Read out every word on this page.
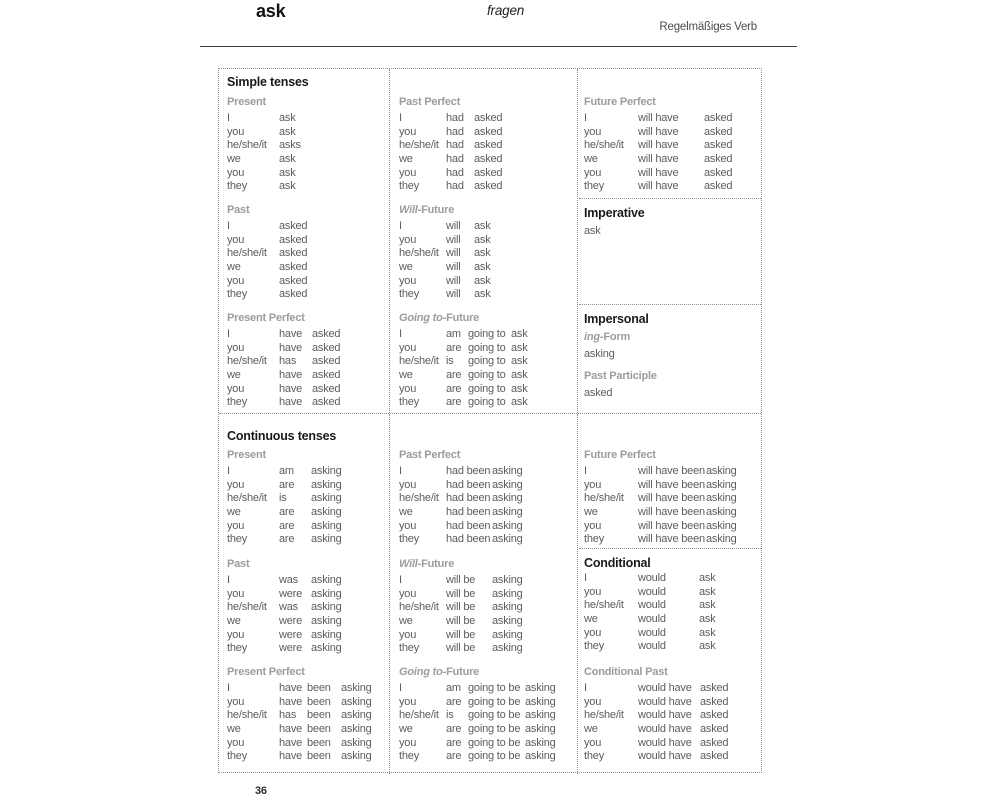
ask	fragen
Regelmäßiges Verb
Simple tenses
Present
I	ask
you	ask
he/she/it asks
we	ask
you	ask
they	ask
Past
I	asked
you	asked
he/she/it asked
we	asked
you	asked
they	asked
Present Perfect
I	have asked
you	have asked
he/she/it has asked
we	have asked
you	have asked
they	have asked
Past Perfect
I	had asked
you	had asked
he/she/it had asked
we	had asked
you	had asked
they had asked
Will-Future
I	will ask
you	will ask
he/she/it will ask
we	will ask
you	will ask
they will ask
Going to-Future
I	am going to ask
you	are going to ask
he/she/it is going to ask
we	are going to ask
you	are going to ask
they are going to ask
Future Perfect
I	will have asked
you	will have asked
he/she/it will have asked
we	will have asked
you	will have asked
they	will have asked
Imperative
ask
Impersonal
ing-Form
asking
Past Participle
asked
Continuous tenses
Present
I	am asking
you	are asking
he/she/it is asking
we	are asking
you	are asking
they	are asking
Past
I	was asking
you	were asking
he/she/it was asking
we	were asking
you	were asking
they	were asking
Present Perfect
I	have been asking
you	have been asking
he/she/it has been asking
we	have been asking
you	have been asking
they	have been asking
Past Perfect
I	had been asking
you	had been asking
he/she/it had been asking
we	had been asking
you	had been asking
they had been asking
Will-Future
I	will be asking
you	will be asking
he/she/it will be asking
we	will be asking
you	will be asking
they will be asking
Going to-Future
I	am going to be asking
you	are going to be asking
he/she/it is going to be asking
we	are going to be asking
you	are going to be asking
they are going to be asking
Future Perfect
I	will have been asking
you	will have been asking
he/she/it will have been asking
we	will have been asking
you	will have been asking
they	will have been asking
Conditional
I	would	ask
you	would	ask
he/she/it would	ask
we	would	ask
you	would	ask
they	would	ask
Conditional Past
I	would have asked
you	would have asked
he/she/it would have asked
we	would have asked
you	would have asked
they	would have asked
36
